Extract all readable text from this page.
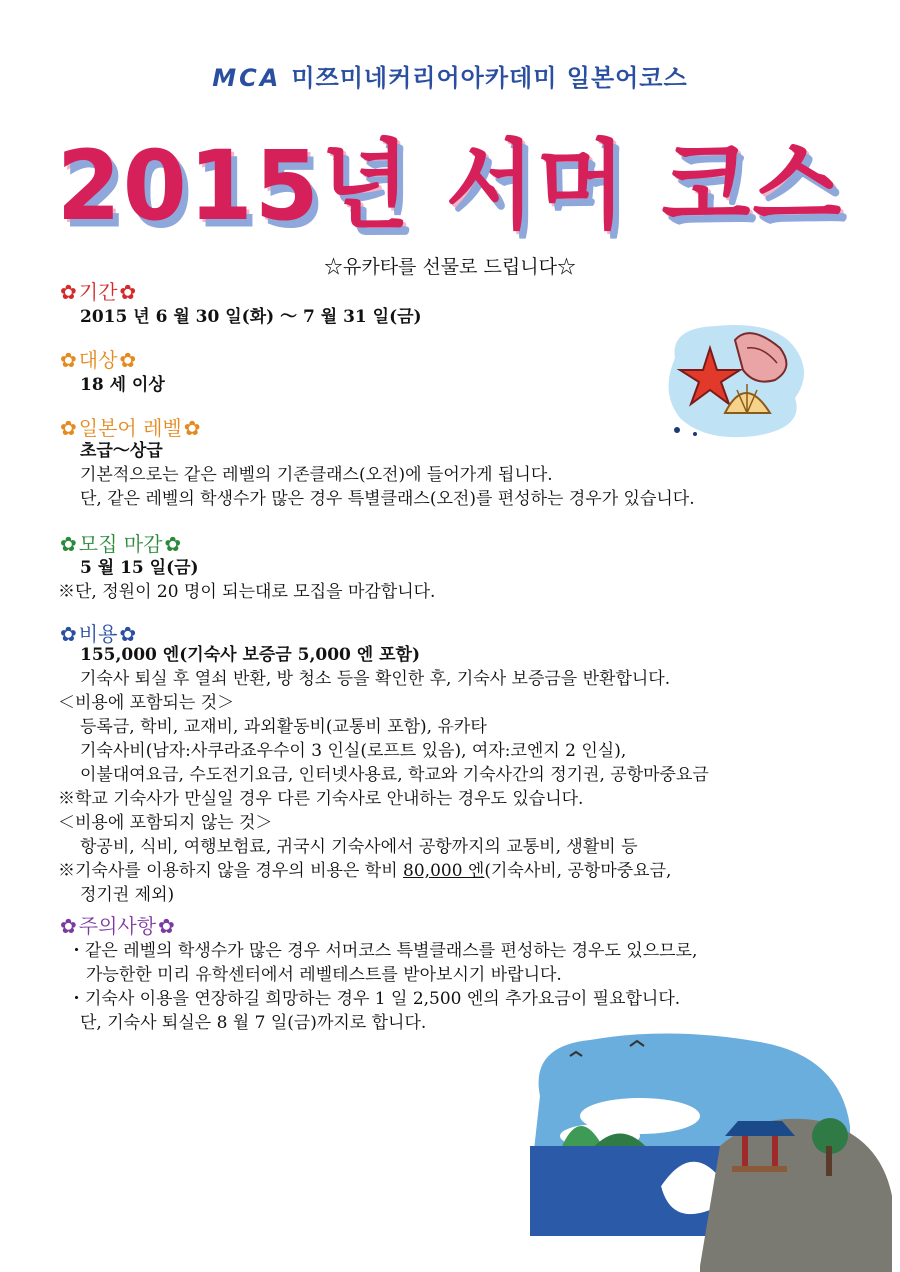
MCA 미쯔미네커리어아카데미 일본어코스
2015년 서머 코스
☆유카타를 선물로 드립니다☆
✿ 기간 ✿
2015 년 6 월 30 일(화) ～ 7 월 31 일(금)
✿ 대상 ✿
18 세 이상
✿ 일본어 레벨 ✿
초급～상급
기본적으로는 같은 레벨의 기존클래스(오전)에 들어가게 됩니다.
단, 같은 레벨의 학생수가 많은 경우 특별클래스(오전)를 편성하는 경우가 있습니다.
✿ 모집 마감 ✿
5 월 15 일(금)
※단, 정원이 20 명이 되는대로 모집을 마감합니다.
✿ 비용 ✿
155,000 엔(기숙사 보증금 5,000 엔 포함)
기숙사 퇴실 후 열쇠 반환, 방 청소 등을 확인한 후, 기숙사 보증금을 반환합니다.
＜비용에 포함되는 것＞
등록금, 학비, 교재비, 과외활동비(교통비 포함), 유카타
기숙사비(남자:사쿠라죠우수이 3 인실(로프트 있음), 여자:코엔지 2 인실),
이불대여요금, 수도전기요금, 인터넷사용료, 학교와 기숙사간의 정기권, 공항마중요금
※학교 기숙사가 만실일 경우 다른 기숙사로 안내하는 경우도 있습니다.
＜비용에 포함되지 않는 것＞
항공비, 식비, 여행보험료, 귀국시 기숙사에서 공항까지의 교통비, 생활비 등
※기숙사를 이용하지 않을 경우의 비용은 학비 80,000 엔(기숙사비, 공항마중요금,
정기권 제외)
✿ 주의사항 ✿
・같은 레벨의 학생수가 많은 경우 서머코스 특별클래스를 편성하는 경우도 있으므로,
가능한한 미리 유학센터에서 레벨테스트를 받아보시기 바랍니다.
・기숙사 이용을 연장하길 희망하는 경우 1 일 2,500 엔의 추가요금이 필요합니다.
단, 기숙사 퇴실은 8 월 7 일(금)까지로 합니다.
